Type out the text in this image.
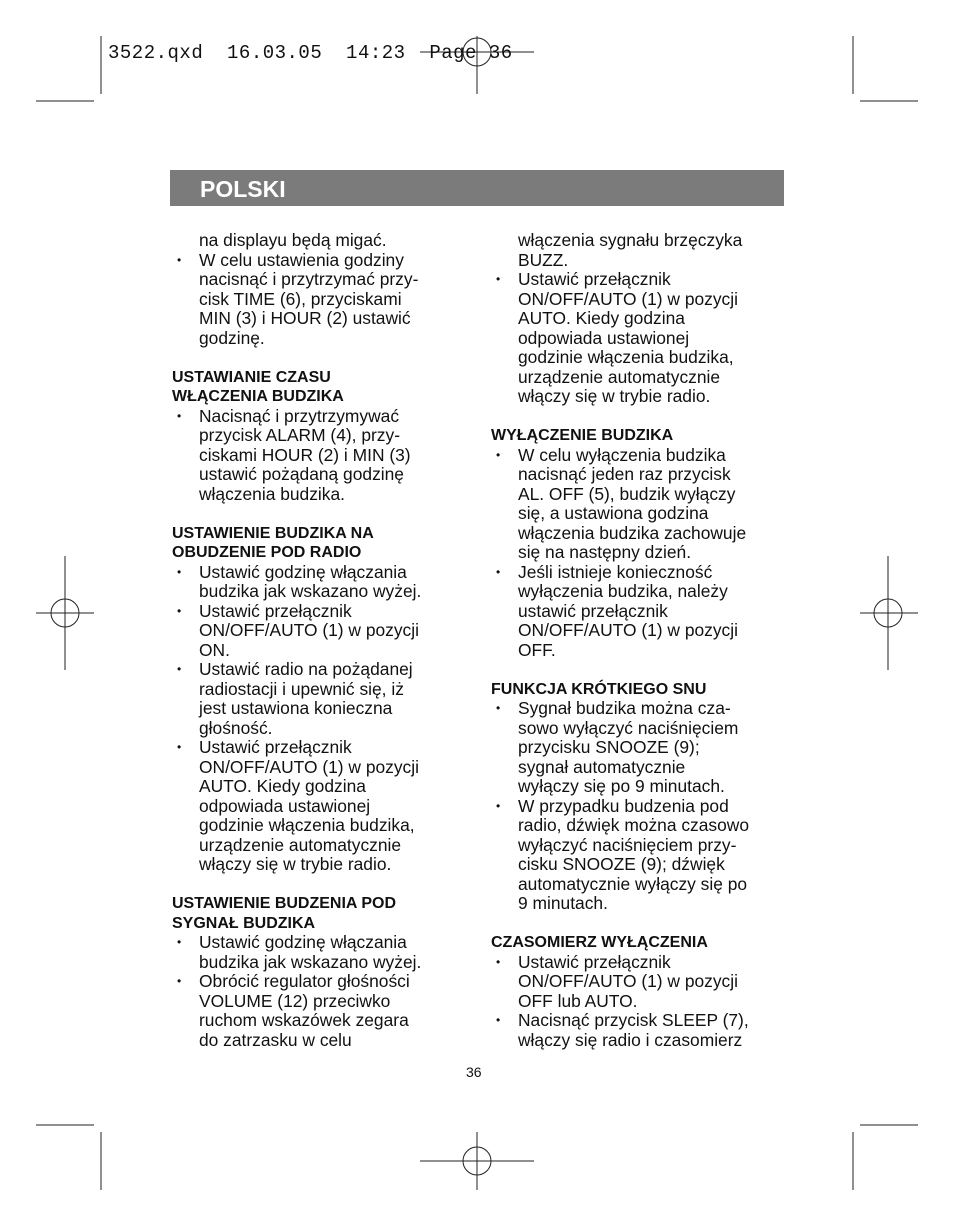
3522.qxd  16.03.05  14:23  Page 36
POLSKI
na displayu będą migać.
• W celu ustawienia godziny
nacisnąć i przytrzymać przy-
cisk TIME (6), przyciskami
MIN (3) i HOUR (2) ustawić
godzinę.
USTAWIANIE CZASU
WŁĄCZENIA BUDZIKA
• Nacisnąć i przytrzymywać
przycisk ALARM (4), przy-
ciskami HOUR (2) i MIN (3)
ustawić pożądaną godzinę
włączenia budzika.
USTAWIENIE BUDZIKA NA
OBUDZENIE POD RADIO
• Ustawić godzinę włączania
budzika jak wskazano wyżej.
• Ustawić przełącznik
ON/OFF/AUTO (1) w pozycji
ON.
• Ustawić radio na pożądanej
radiostacji i upewnić się, iż
jest ustawiona konieczna
głośność.
• Ustawić przełącznik
ON/OFF/AUTO (1) w pozycji
AUTO. Kiedy godzina
odpowiada ustawionej
godzinie włączenia budzika,
urządzenie automatycznie
włączy się w trybie radio.
USTAWIENIE BUDZENIA POD
SYGNAŁ BUDZIKA
• Ustawić godzinę włączania
budzika jak wskazano wyżej.
• Obrócić regulator głośności
VOLUME (12) przeciwko
ruchom wskazówek zegara
do zatrzasku w celu
włączenia sygnału brzęczyka
BUZZ.
• Ustawić przełącznik
ON/OFF/AUTO (1) w pozycji
AUTO. Kiedy godzina
odpowiada ustawionej
godzinie włączenia budzika,
urządzenie automatycznie
włączy się w trybie radio.
WYŁĄCZENIE BUDZIKA
• W celu wyłączenia budzika
nacisnąć jeden raz przycisk
AL. OFF (5), budzik wyłączy
się, a ustawiona godzina
włączenia budzika zachowuje
się na następny dzień.
• Jeśli istnieje konieczność
wyłączenia budzika, należy
ustawić przełącznik
ON/OFF/AUTO (1) w pozycji
OFF.
FUNKCJA KRÓTKIEGO SNU
• Sygnał budzika można cza-
sowo wyłączyć naciśnięciem
przycisku SNOOZE (9);
sygnał automatycznie
wyłączy się po 9 minutach.
• W przypadku budzenia pod
radio, dźwięk można czasowo
wyłączyć naciśnięciem przy-
cisku SNOOZE (9); dźwięk
automatycznie wyłączy się po
9 minutach.
CZASOMIERZ WYŁĄCZENIA
• Ustawić przełącznik
ON/OFF/AUTO (1) w pozycji
OFF lub AUTO.
• Nacisnąć przycisk SLEEP (7),
włączy się radio i czasomierz
36
